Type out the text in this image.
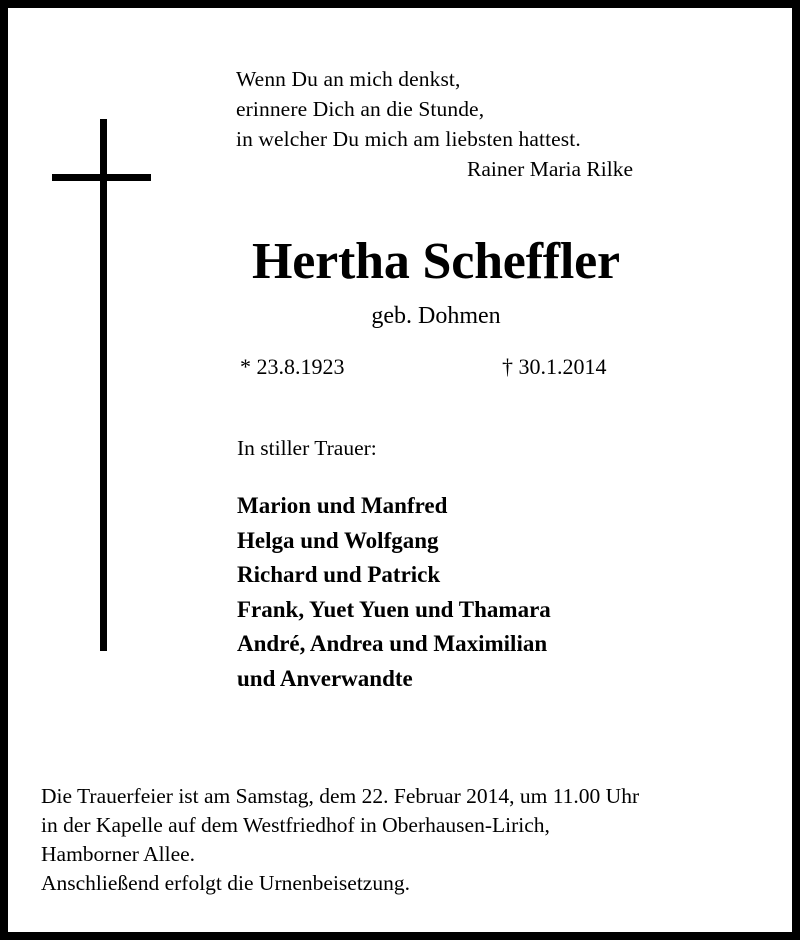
Wenn Du an mich denkst,
erinnere Dich an die Stunde,
in welcher Du mich am liebsten hattest.
Rainer Maria Rilke
Hertha Scheffler
geb. Dohmen
* 23.8.1923	† 30.1.2014
In stiller Trauer:
Marion und Manfred
Helga und Wolfgang
Richard und Patrick
Frank, Yuet Yuen und Thamara
André, Andrea und Maximilian
und Anverwandte
Die Trauerfeier ist am Samstag, dem 22. Februar 2014, um 11.00 Uhr
in der Kapelle auf dem Westfriedhof in Oberhausen-Lirich,
Hamborner Allee.
Anschließend erfolgt die Urnenbeisetzung.
